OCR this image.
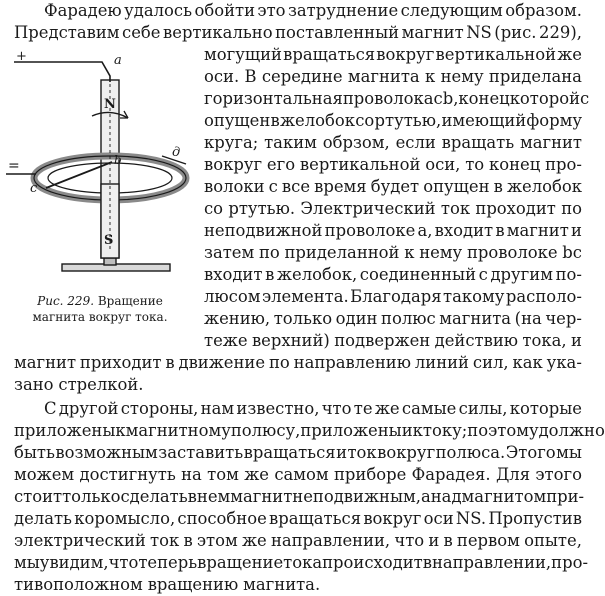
Фарадею удалось обойти это затруднение следующим образом.
Представим себе вертикально поставленный магнит NS (рис. 229),
могущий вращаться вокруг вертикальной же
оси. В середине магнита к нему приделана
горизонтальная проволока cb, конец которой c
опущен в желобок со ртутью, имеющий форму
круга; таким обрзом, если вращать магнит
вокруг его вертикальной оси, то конец про-
волоки c все время будет опущен в желобок
со ртутью. Электрический ток проходит по
неподвижной проволоке a, входит в магнит и
затем по приделанной к нему проволоке bc
входит в желобок, соединенный с другим по-
люсом элемента. Благодаря такому располо-
жению, только один полюс магнита (на чер-
теже верхний) подвержен действию тока, и
магнит приходит в движение по направлению линий сил, как ука-
зано стрелкой.
С другой стороны, нам известно, что те же самые силы, которые
приложены к магнитному полюсу, приложены и к току; поэтому должно
быть возможным заставить вращаться и ток вокруг полюса. Этого мы
можем достигнуть на том же самом приборе Фарадея. Для этого
стоит только сделать в нем магнит неподвижным, а над магнитом при-
делать коромысло, способное вращаться вокруг оси NS. Пропустив
электрический ток в этом же направлении, что и в первом опыте,
мы увидим, что теперь вращение тока происходит в направлении, про-
тивоположном вращению магнита.
+
=
a
N
S
b
c
д
Рис. 229. Вращение магнита вокруг тока.
